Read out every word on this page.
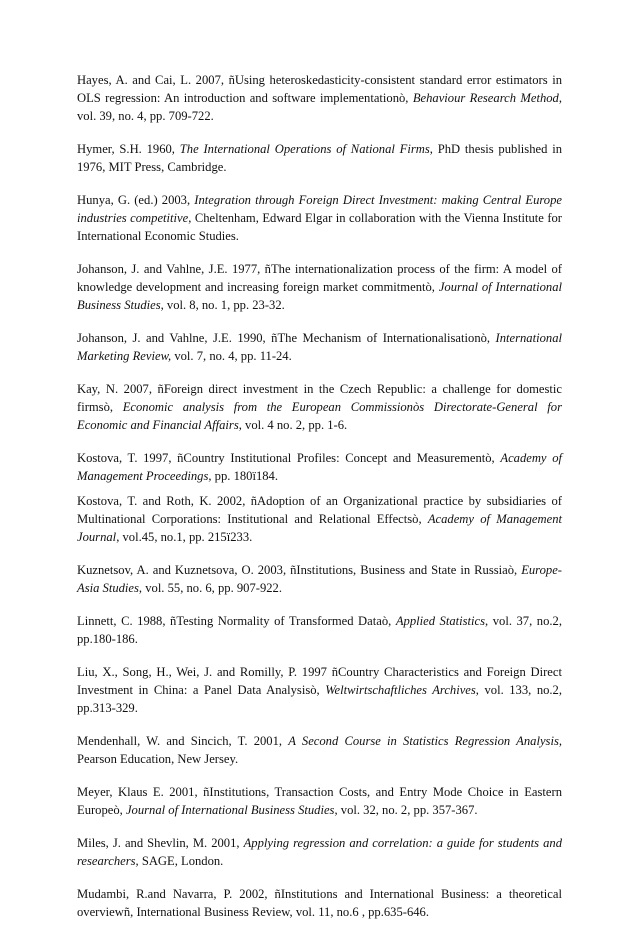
Hayes, A. and Cai, L. 2007, ñUsing heteroskedasticity-consistent standard error estimators in OLS regression: An introduction and software implementationò, Behaviour Research Method, vol. 39, no. 4, pp. 709-722.

Hymer, S.H. 1960, The International Operations of National Firms, PhD thesis published in 1976, MIT Press, Cambridge.

Hunya, G. (ed.) 2003, Integration through Foreign Direct Investment: making Central Europe industries competitive, Cheltenham, Edward Elgar in collaboration with the Vienna Institute for International Economic Studies.

Johanson, J. and Vahlne, J.E. 1977, ñThe internationalization process of the firm: A model of knowledge development and increasing foreign market commitmentò, Journal of International Business Studies, vol. 8, no. 1, pp. 23-32.

Johanson, J. and Vahlne, J.E. 1990, ñThe Mechanism of Internationalisationò, International Marketing Review, vol. 7, no. 4, pp. 11-24.

Kay, N. 2007, ñForeign direct investment in the Czech Republic: a challenge for domestic firmsò, Economic analysis from the European Commissionòs Directorate-General for Economic and Financial Affairs, vol. 4 no. 2, pp. 1-6.

Kostova, T. 1997, ñCountry Institutional Profiles: Concept and Measurementò, Academy of Management Proceedings, pp. 180ï184.

Kostova, T. and Roth, K. 2002, ñAdoption of an Organizational practice by subsidiaries of Multinational Corporations: Institutional and Relational Effectsò, Academy of Management Journal, vol.45, no.1, pp. 215ï233.

Kuznetsov, A. and Kuznetsova, O. 2003, ñInstitutions, Business and State in Russiaò, Europe-Asia Studies, vol. 55, no. 6, pp. 907-922.

Linnett, C. 1988, ñTesting Normality of Transformed Dataò, Applied Statistics, vol. 37, no.2, pp.180-186.

Liu, X., Song, H., Wei, J. and Romilly, P. 1997 ñCountry Characteristics and Foreign Direct Investment in China: a Panel Data Analysisò, Weltwirtschaftliches Archives, vol. 133, no.2, pp.313-329.

Mendenhall, W. and Sincich, T. 2001, A Second Course in Statistics Regression Analysis, Pearson Education, New Jersey.

Meyer, Klaus E. 2001, ñInstitutions, Transaction Costs, and Entry Mode Choice in Eastern Europeò, Journal of International Business Studies, vol. 32, no. 2, pp. 357-367.

Miles, J. and Shevlin, M. 2001, Applying regression and correlation: a guide for students and researchers, SAGE, London.

Mudambi, R.and Navarra, P. 2002, ñInstitutions and International Business: a theoretical overviewñ, International Business Review, vol. 11, no.6 , pp.635-646.
